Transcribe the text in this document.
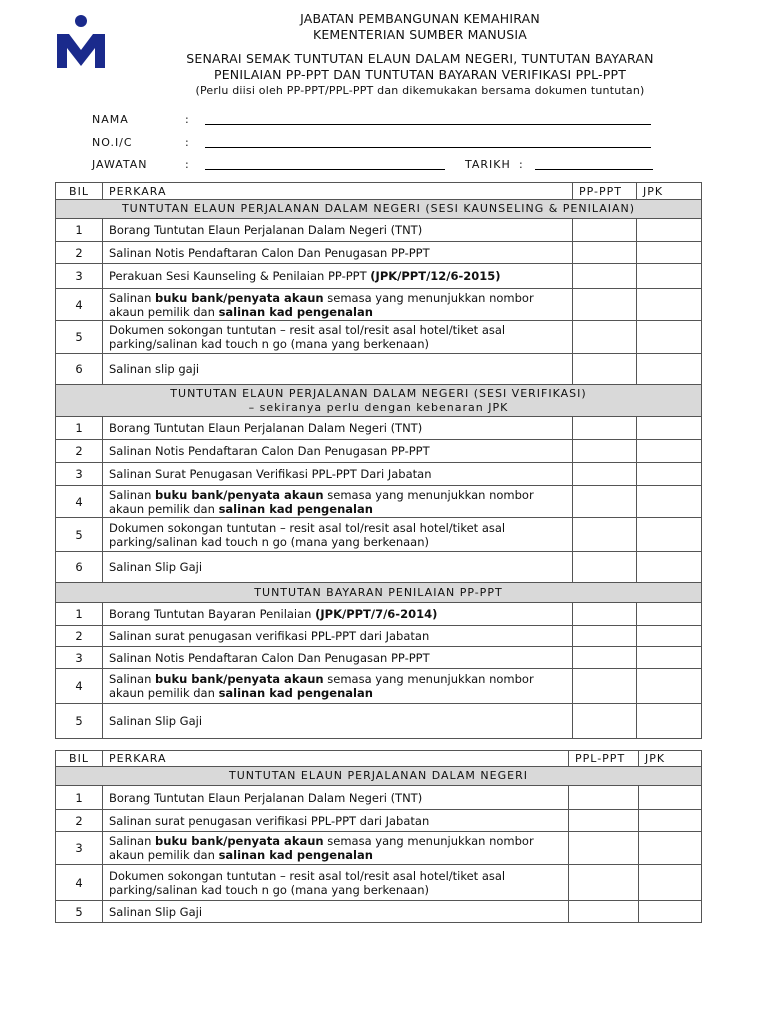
JABATAN PEMBANGUNAN KEMAHIRAN
KEMENTERIAN SUMBER MANUSIA
SENARAI SEMAK TUNTUTAN ELAUN DALAM NEGERI, TUNTUTAN BAYARAN
PENILAIAN PP-PPT DAN TUNTUTAN BAYARAN VERIFIKASI PPL-PPT
(Perlu diisi oleh PP-PPT/PPL-PPT dan dikemukakan bersama dokumen tuntutan)
NAMA	:
NO.I/C	:
JAWATAN	:	TARIKH :
BIL	PERKARA	PP-PPT	JPK
TUNTUTAN ELAUN PERJALANAN DALAM NEGERI (SESI KAUNSELING & PENILAIAN)			
1	Borang Tuntutan Elaun Perjalanan Dalam Negeri (TNT)		
2	Salinan Notis Pendaftaran Calon Dan Penugasan PP-PPT		
3	Perakuan Sesi Kaunseling & Penilaian PP-PPT (JPK/PPT/12/6-2015)		
4	Salinan buku bank/penyata akaun semasa yang menunjukkan nombor
akaun pemilik dan salinan kad pengenalan		
5	Dokumen sokongan tuntutan – resit asal tol/resit asal hotel/tiket asal
parking/salinan kad touch n go (mana yang berkenaan)		
6	Salinan slip gaji		
TUNTUTAN ELAUN PERJALANAN DALAM NEGERI (SESI VERIFIKASI)
– sekiranya perlu dengan kebenaran JPK			
1	Borang Tuntutan Elaun Perjalanan Dalam Negeri (TNT)		
2	Salinan Notis Pendaftaran Calon Dan Penugasan PP-PPT		
3	Salinan Surat Penugasan Verifikasi PPL-PPT Dari Jabatan		
4	Salinan buku bank/penyata akaun semasa yang menunjukkan nombor
akaun pemilik dan salinan kad pengenalan		
5	Dokumen sokongan tuntutan – resit asal tol/resit asal hotel/tiket asal
parking/salinan kad touch n go (mana yang berkenaan)		
6	Salinan Slip Gaji		
TUNTUTAN BAYARAN PENILAIAN PP-PPT			
1	Borang Tuntutan Bayaran Penilaian (JPK/PPT/7/6-2014)		
2	Salinan surat penugasan verifikasi PPL-PPT dari Jabatan		
3	Salinan Notis Pendaftaran Calon Dan Penugasan PP-PPT		
4	Salinan buku bank/penyata akaun semasa yang menunjukkan nombor
akaun pemilik dan salinan kad pengenalan		
5	Salinan Slip Gaji		
BIL	PERKARA	PPL-PPT	JPK
TUNTUTAN ELAUN PERJALANAN DALAM NEGERI			
1	Borang Tuntutan Elaun Perjalanan Dalam Negeri (TNT)		
2	Salinan surat penugasan verifikasi PPL-PPT dari Jabatan		
3	Salinan buku bank/penyata akaun semasa yang menunjukkan nombor
akaun pemilik dan salinan kad pengenalan		
4	Dokumen sokongan tuntutan – resit asal tol/resit asal hotel/tiket asal
parking/salinan kad touch n go (mana yang berkenaan)		
5	Salinan Slip Gaji		
